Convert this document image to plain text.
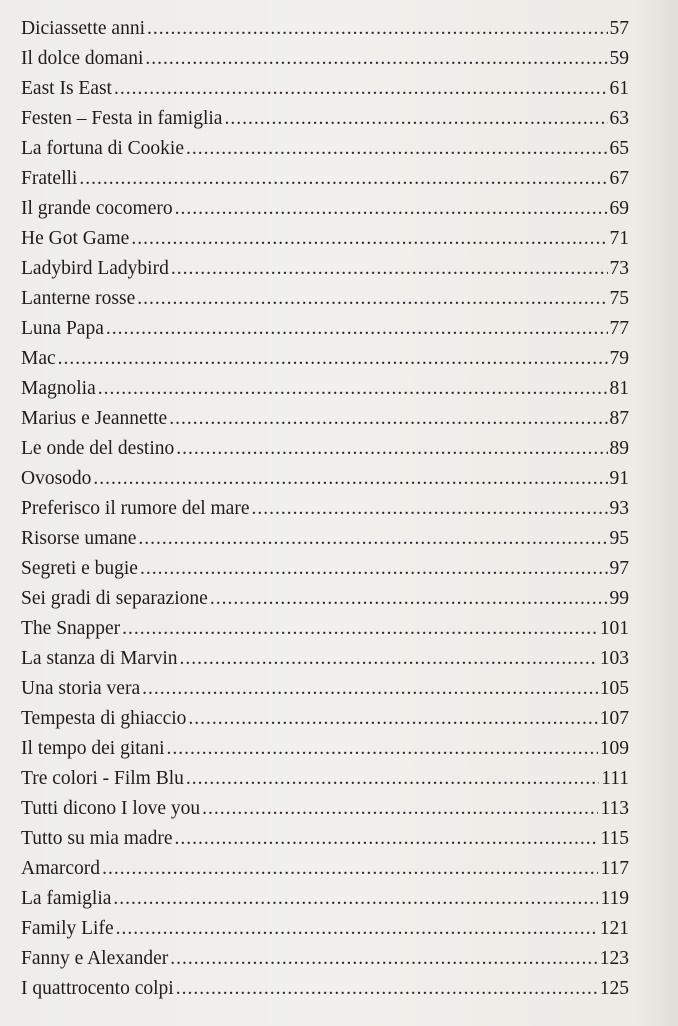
Diciassette anni .....	57
Il dolce domani .....	59
East Is East .....	61
Festen – Festa in famiglia .....	63
La fortuna di Cookie .....	65
Fratelli .....	67
Il grande cocomero .....	69
He Got Game .....	71
Ladybird Ladybird .....	73
Lanterne rosse .....	75
Luna Papa .....	77
Mac .....	79
Magnolia .....	81
Marius e Jeannette .....	87
Le onde del destino .....	89
Ovosodo .....	91
Preferisco il rumore del mare .....	93
Risorse umane .....	95
Segreti e bugie .....	97
Sei gradi di separazione .....	99
The Snapper .....	101
La stanza di Marvin .....	103
Una storia vera .....	105
Tempesta di ghiaccio .....	107
Il tempo dei gitani .....	109
Tre colori - Film Blu .....	111
Tutti dicono I love you .....	113
Tutto su mia madre .....	115
Amarcord .....	117
La famiglia .....	119
Family Life .....	121
Fanny e Alexander .....	123
I quattrocento colpi .....	125
